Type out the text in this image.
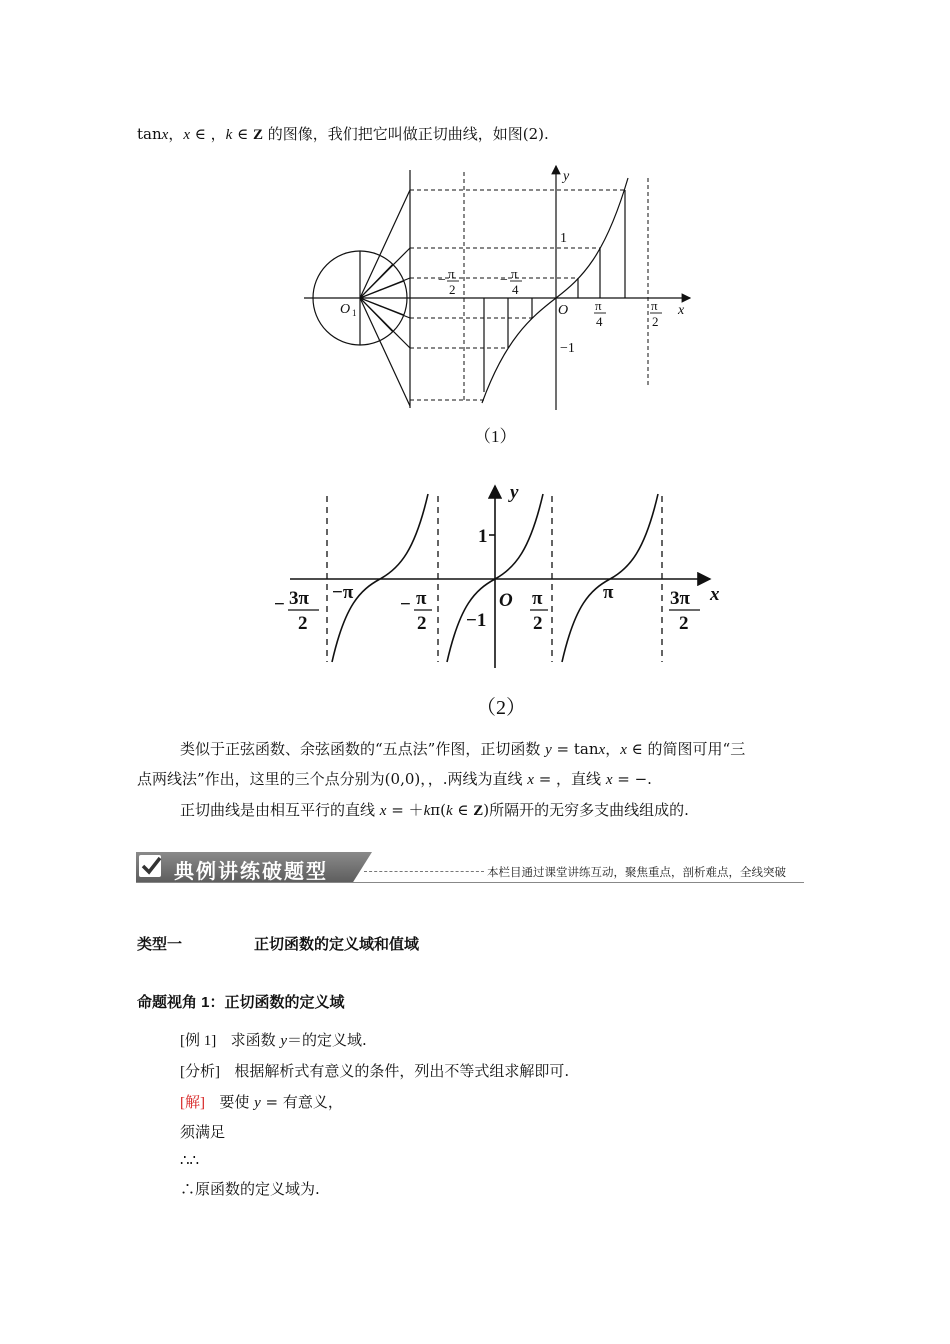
tanx，x ∈ ，k ∈ Z 的图像，我们把它叫做正切曲线，如图(2).
y
x
1
−1
O
O 1
− π
2
− π
4
π
4
π
2
（1）
y
x
1
−1
O
−π	π
− 3π
2
− π
2
π
2
3π
2
（2）
类似于正弦函数、余弦函数的“五点法”作图，正切函数 y = tanx，x ∈ 的简图可用“三
点两线法”作出，这里的三个点分别为(0,0)，，.两线为直线 x = ，直线 x = −.
正切曲线是由相互平行的直线 x = ＋kπ(k ∈ Z)所隔开的无穷多支曲线组成的.
典例讲练破题型	本栏目通过课堂讲练互动，聚焦重点，剖析难点，全线突破
类型一	正切函数的定义域和值域
命题视角 1：正切函数的定义域
[例 1] 求函数 y＝的定义域.
[分析] 根据解析式有意义的条件，列出不等式组求解即可.
[解] 要使 y = 有意义，
须满足
∴∴
∴原函数的定义域为.
